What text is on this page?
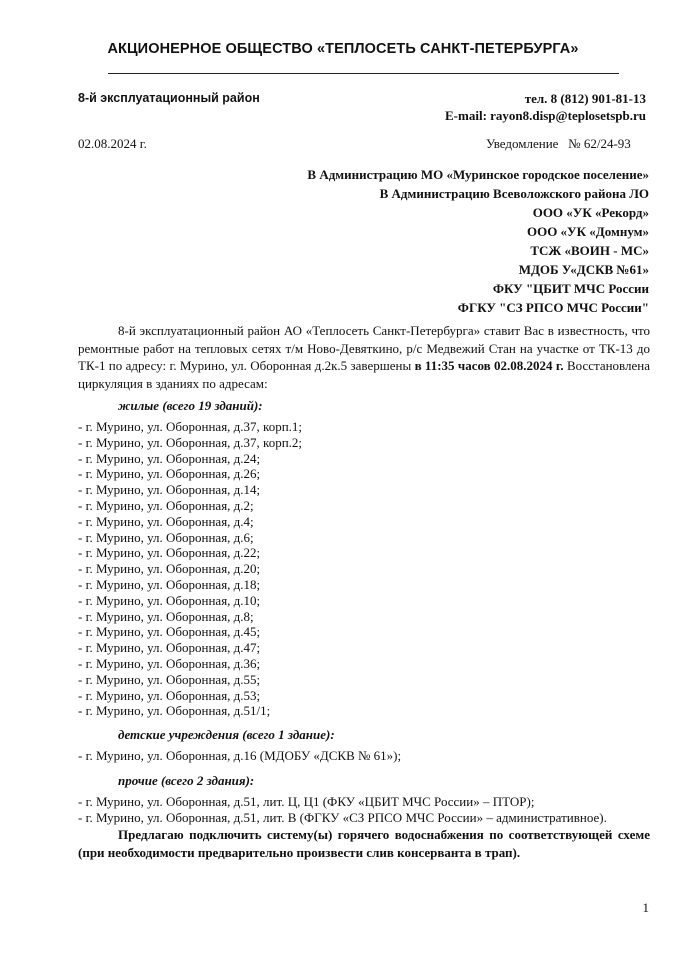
АКЦИОНЕРНОЕ ОБЩЕСТВО «ТЕПЛОСЕТЬ САНКТ-ПЕТЕРБУРГА»
8-й эксплуатационный район	тел. 8 (812) 901-81-13
E-mail: rayon8.disp@teplosetspb.ru
02.08.2024 г.	Уведомление   № 62/24-93
В Администрацию МО «Муринское городское поселение»
В Администрацию Всеволожского района ЛО
ООО «УК «Рекорд»
ООО «УК «Домнум»
ТСЖ «ВОИН - МС»
МДОБ У«ДСКВ №61»
ФКУ "ЦБИТ МЧС России
ФГКУ "СЗ РПСО МЧС России"
8-й эксплуатационный район АО «Теплосеть Санкт-Петербурга» ставит Вас в известность, что ремонтные работ на тепловых сетях т/м Ново-Девяткино, р/с Медвежий Стан на участке от ТК-13 до ТК-1 по адресу: г. Мурино, ул. Оборонная д.2к.5 завершены в 11:35 часов 02.08.2024 г. Восстановлена циркуляция в зданиях по адресам:
жилые (всего 19 зданий):
- г. Мурино, ул. Оборонная, д.37, корп.1;
- г. Мурино, ул. Оборонная, д.37, корп.2;
- г. Мурино, ул. Оборонная, д.24;
- г. Мурино, ул. Оборонная, д.26;
- г. Мурино, ул. Оборонная, д.14;
- г. Мурино, ул. Оборонная, д.2;
- г. Мурино, ул. Оборонная, д.4;
- г. Мурино, ул. Оборонная, д.6;
- г. Мурино, ул. Оборонная, д.22;
- г. Мурино, ул. Оборонная, д.20;
- г. Мурино, ул. Оборонная, д.18;
- г. Мурино, ул. Оборонная, д.10;
- г. Мурино, ул. Оборонная, д.8;
- г. Мурино, ул. Оборонная, д.45;
- г. Мурино, ул. Оборонная, д.47;
- г. Мурино, ул. Оборонная, д.36;
- г. Мурино, ул. Оборонная, д.55;
- г. Мурино, ул. Оборонная, д.53;
- г. Мурино, ул. Оборонная, д.51/1;
детские учреждения (всего 1 здание):
- г. Мурино, ул. Оборонная, д.16 (МДОБУ «ДСКВ № 61»);
прочие (всего 2 здания):
- г. Мурино, ул. Оборонная, д.51, лит. Ц, Ц1 (ФКУ «ЦБИТ МЧС России» – ПТОР);
- г. Мурино, ул. Оборонная, д.51, лит. В (ФГКУ «СЗ РПСО МЧС России» – административное).
Предлагаю подключить систему(ы) горячего водоснабжения по соответствующей схеме (при необходимости предварительно произвести слив консерванта в трап).
1
